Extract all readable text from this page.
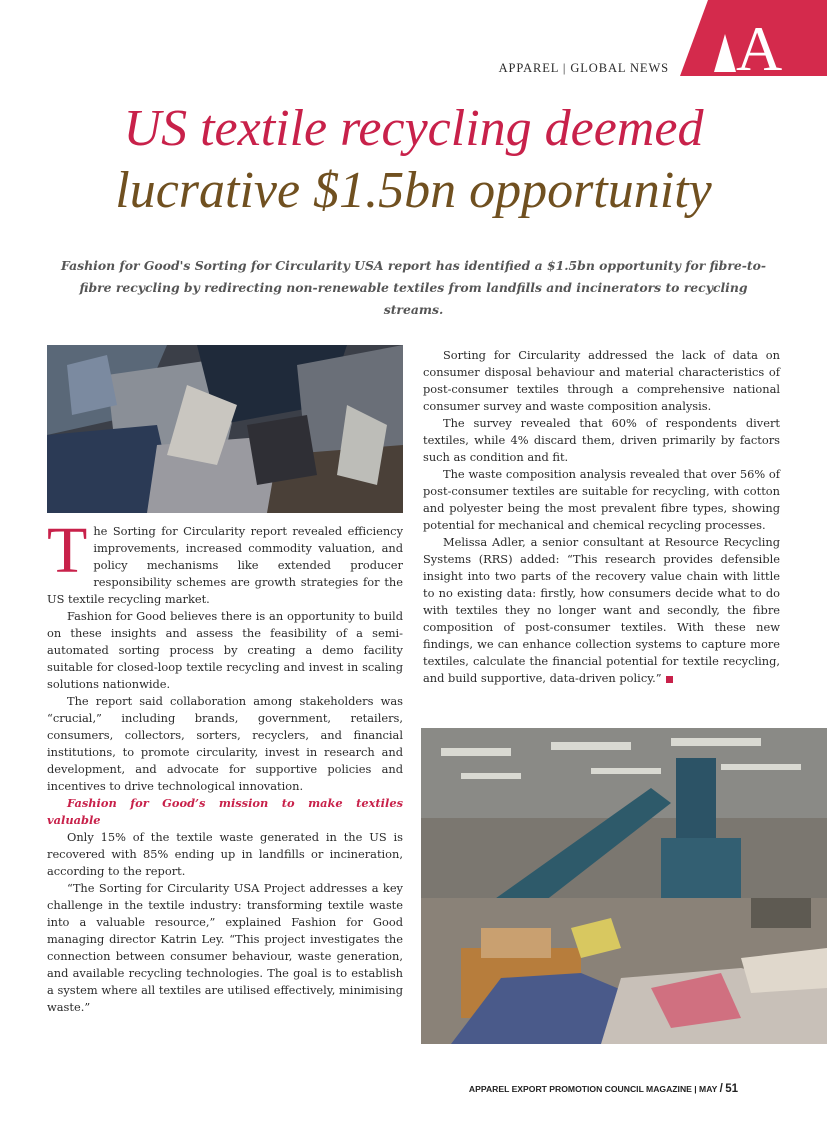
A
APPAREL | GLOBAL NEWS
US textile recycling deemed
lucrative $1.5bn opportunity
Fashion for Good's Sorting for Circularity USA report has identified a $1.5bn opportunity for fibre-to-fibre recycling by redirecting non-renewable textiles from landfills and incinerators to recycling streams.

The Sorting for Circularity report revealed efficiency improvements, increased commodity valuation, and policy mechanisms like extended producer responsibility schemes are growth strategies for the US textile recycling market.

Fashion for Good believes there is an opportunity to build on these insights and assess the feasibility of a semi-automated sorting process by creating a demo facility suitable for closed-loop textile recycling and invest in scaling solutions nationwide.

The report said collaboration among stakeholders was “crucial,” including brands, government, retailers, consumers, collectors, sorters, recyclers, and financial institutions, to promote circularity, invest in research and development, and advocate for supportive policies and incentives to drive technological innovation.

Fashion for Good’s mission to make textiles valuable

Only 15% of the textile waste generated in the US is recovered with 85% ending up in landfills or incineration, according to the report.

“The Sorting for Circularity USA Project addresses a key challenge in the textile industry: transforming textile waste into a valuable resource,” explained Fashion for Good managing director Katrin Ley. “This project investigates the connection between consumer behaviour, waste generation, and available recycling technologies. The goal is to establish a system where all textiles are utilised effectively, minimising waste.”

Sorting for Circularity addressed the lack of data on consumer disposal behaviour and material characteristics of post-consumer textiles through a comprehensive national consumer survey and waste composition analysis.

The survey revealed that 60% of respondents divert textiles, while 4% discard them, driven primarily by factors such as condition and fit.

The waste composition analysis revealed that over 56% of post-consumer textiles are suitable for recycling, with cotton and polyester being the most prevalent fibre types, showing potential for mechanical and chemical recycling processes.

Melissa Adler, a senior consultant at Resource Recycling Systems (RRS) added: “This research provides defensible insight into two parts of the recovery value chain with little to no existing data: firstly, how consumers decide what to do with textiles they no longer want and secondly, the fibre composition of post-consumer textiles. With these new findings, we can enhance collection systems to capture more textiles, calculate the financial potential for textile recycling, and build supportive, data-driven policy.”

APPAREL EXPORT PROMOTION COUNCIL MAGAZINE | MAY / 51
